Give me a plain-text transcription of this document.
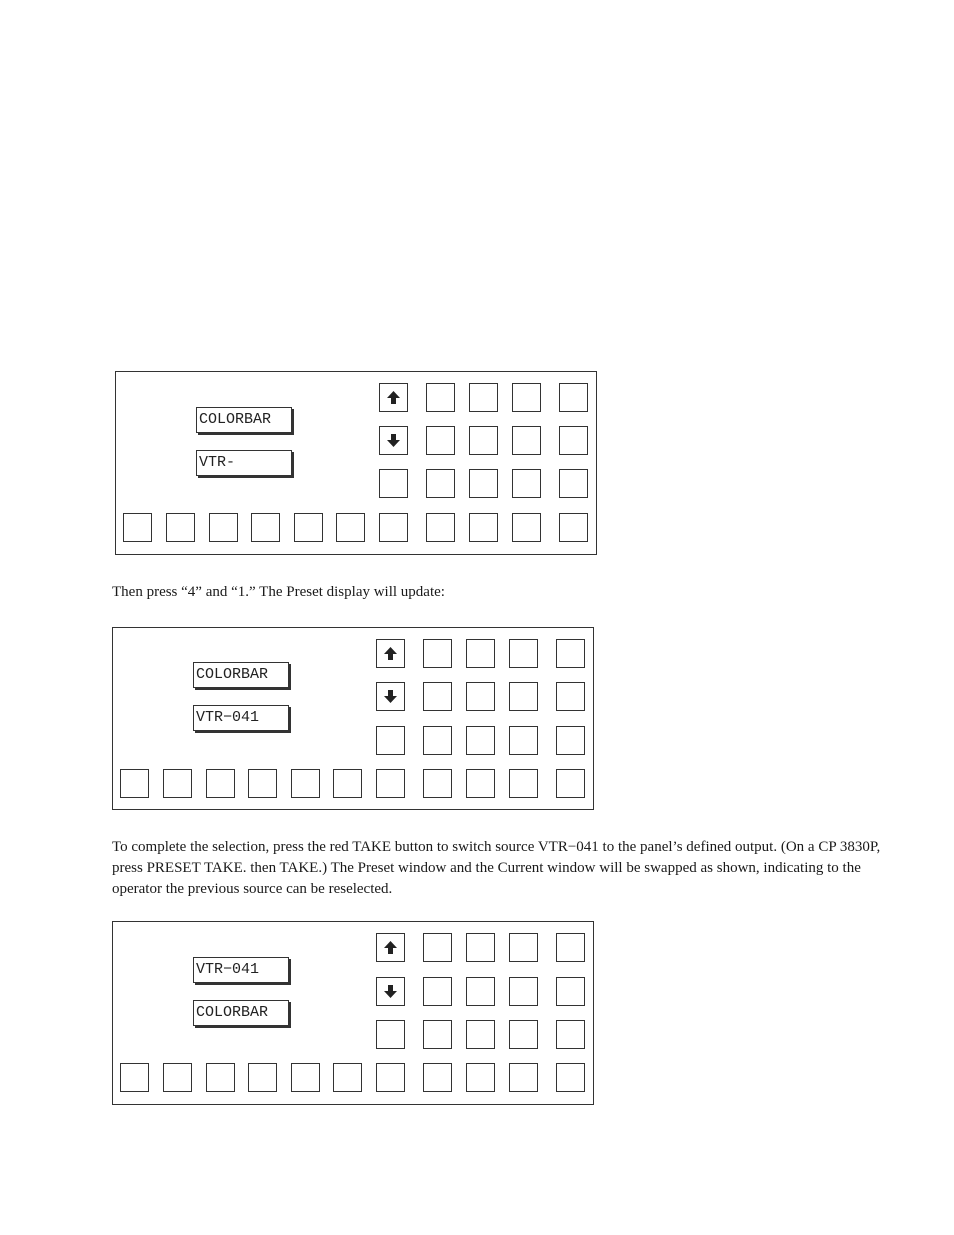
COLORBAR
VTR-
Then press “4” and “1.” The Preset display will update:
COLORBAR
VTR−041
To complete the selection, press the red TAKE button to switch source VTR−041 to the panel’s defined output. (On a CP 3830P, press PRESET TAKE. then TAKE.) The Preset window and the Current window will be swapped as shown, indicating to the operator the previous source can be reselected.
VTR−041
COLORBAR
